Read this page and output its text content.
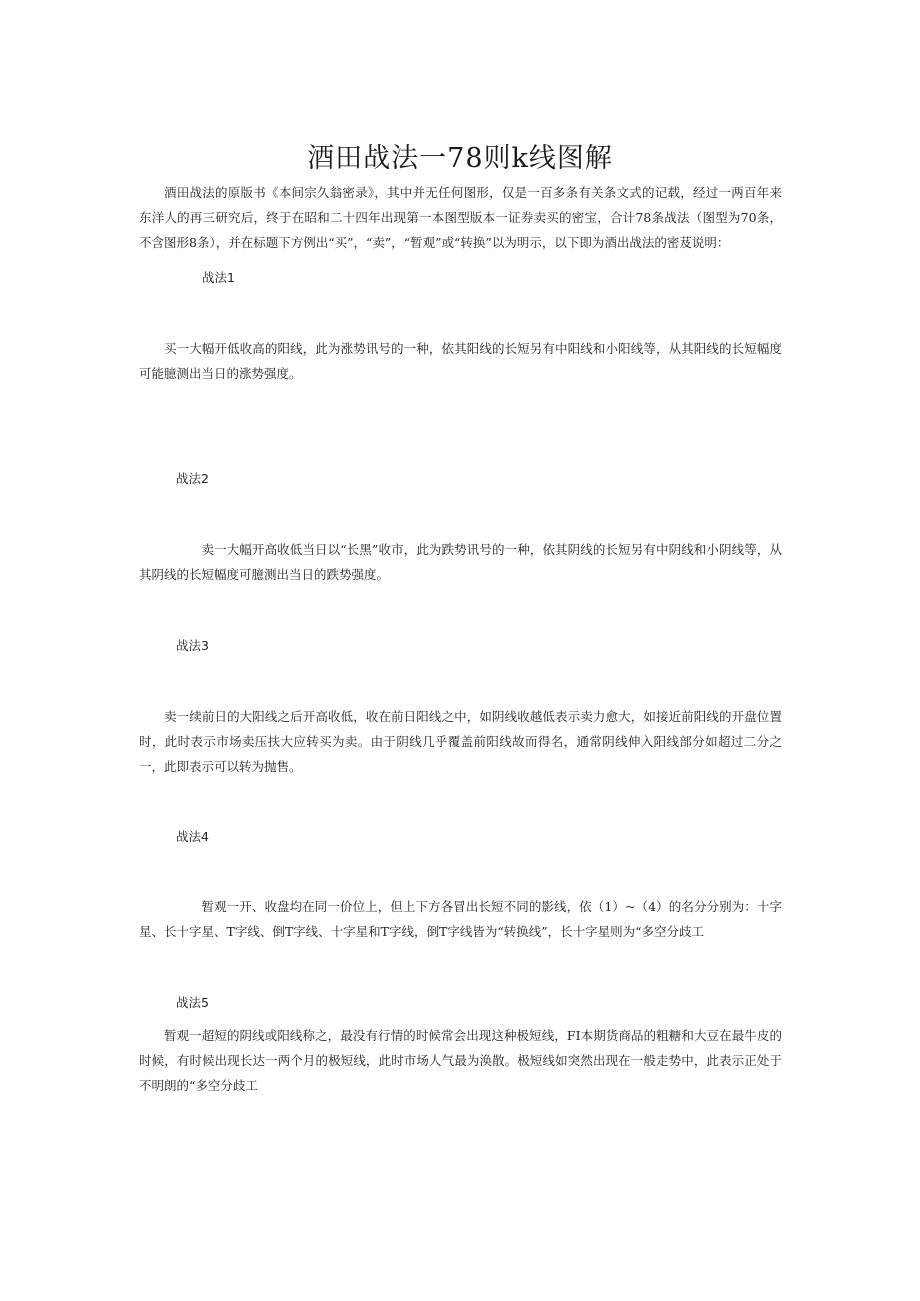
酒田战法一78则k线图解

酒田战法的原版书《本间宗久翁密录》，其中并无任何图形，仅是一百多条有关条文式的记载，经过一两百年来东洋人的再三研究后，终于在昭和二十四年出现第一本图型版本一证券卖买的密宝，合计78条战法（图型为70条，不含图形8条），并在标题下方例出“买”，“卖”，“暂观”或“转换”以为明示，以下即为酒出战法的密芨说明：

战法1

买一大幅开低收高的阳线，此为涨势讯号的一种，依其阳线的长短另有中阳线和小阳线等，从其阳线的长短幅度可能臆测出当日的涨势强度。

战法2

卖一大幅开高收低当日以“长黑”收市，此为跌势讯号的一种，依其阴线的长短另有中阴线和小阴线等，从其阴线的长短幅度可臆测出当日的跌势强度。

战法3

卖一续前日的大阳线之后开高收低，收在前日阳线之中，如阴线收越低表示卖力愈大，如接近前阳线的开盘位置时，此时表示市场卖压扶大应转买为卖。由于阴线几乎覆盖前阳线故而得名，通常阴线伸入阳线部分如超过二分之一，此即表示可以转为抛售。

战法4

暂观一开、收盘均在同一价位上，但上下方各冒出长短不同的影线，依（1）~（4）的名分分别为：十字星、长十字星、T字线、倒T字线、十字星和T字线，倒T字线皆为“转换线”，长十字星则为“多空分歧工

战法5

暂观一超短的阴线或阳线称之，最没有行情的时候常会出现这种极短线，FI本期货商品的粗糖和大豆在最牛皮的时候，有时候出现长达一两个月的极短线，此时市场人气最为涣散。极短线如突然出现在一般走势中，此表示正处于不明朗的“多空分歧工
